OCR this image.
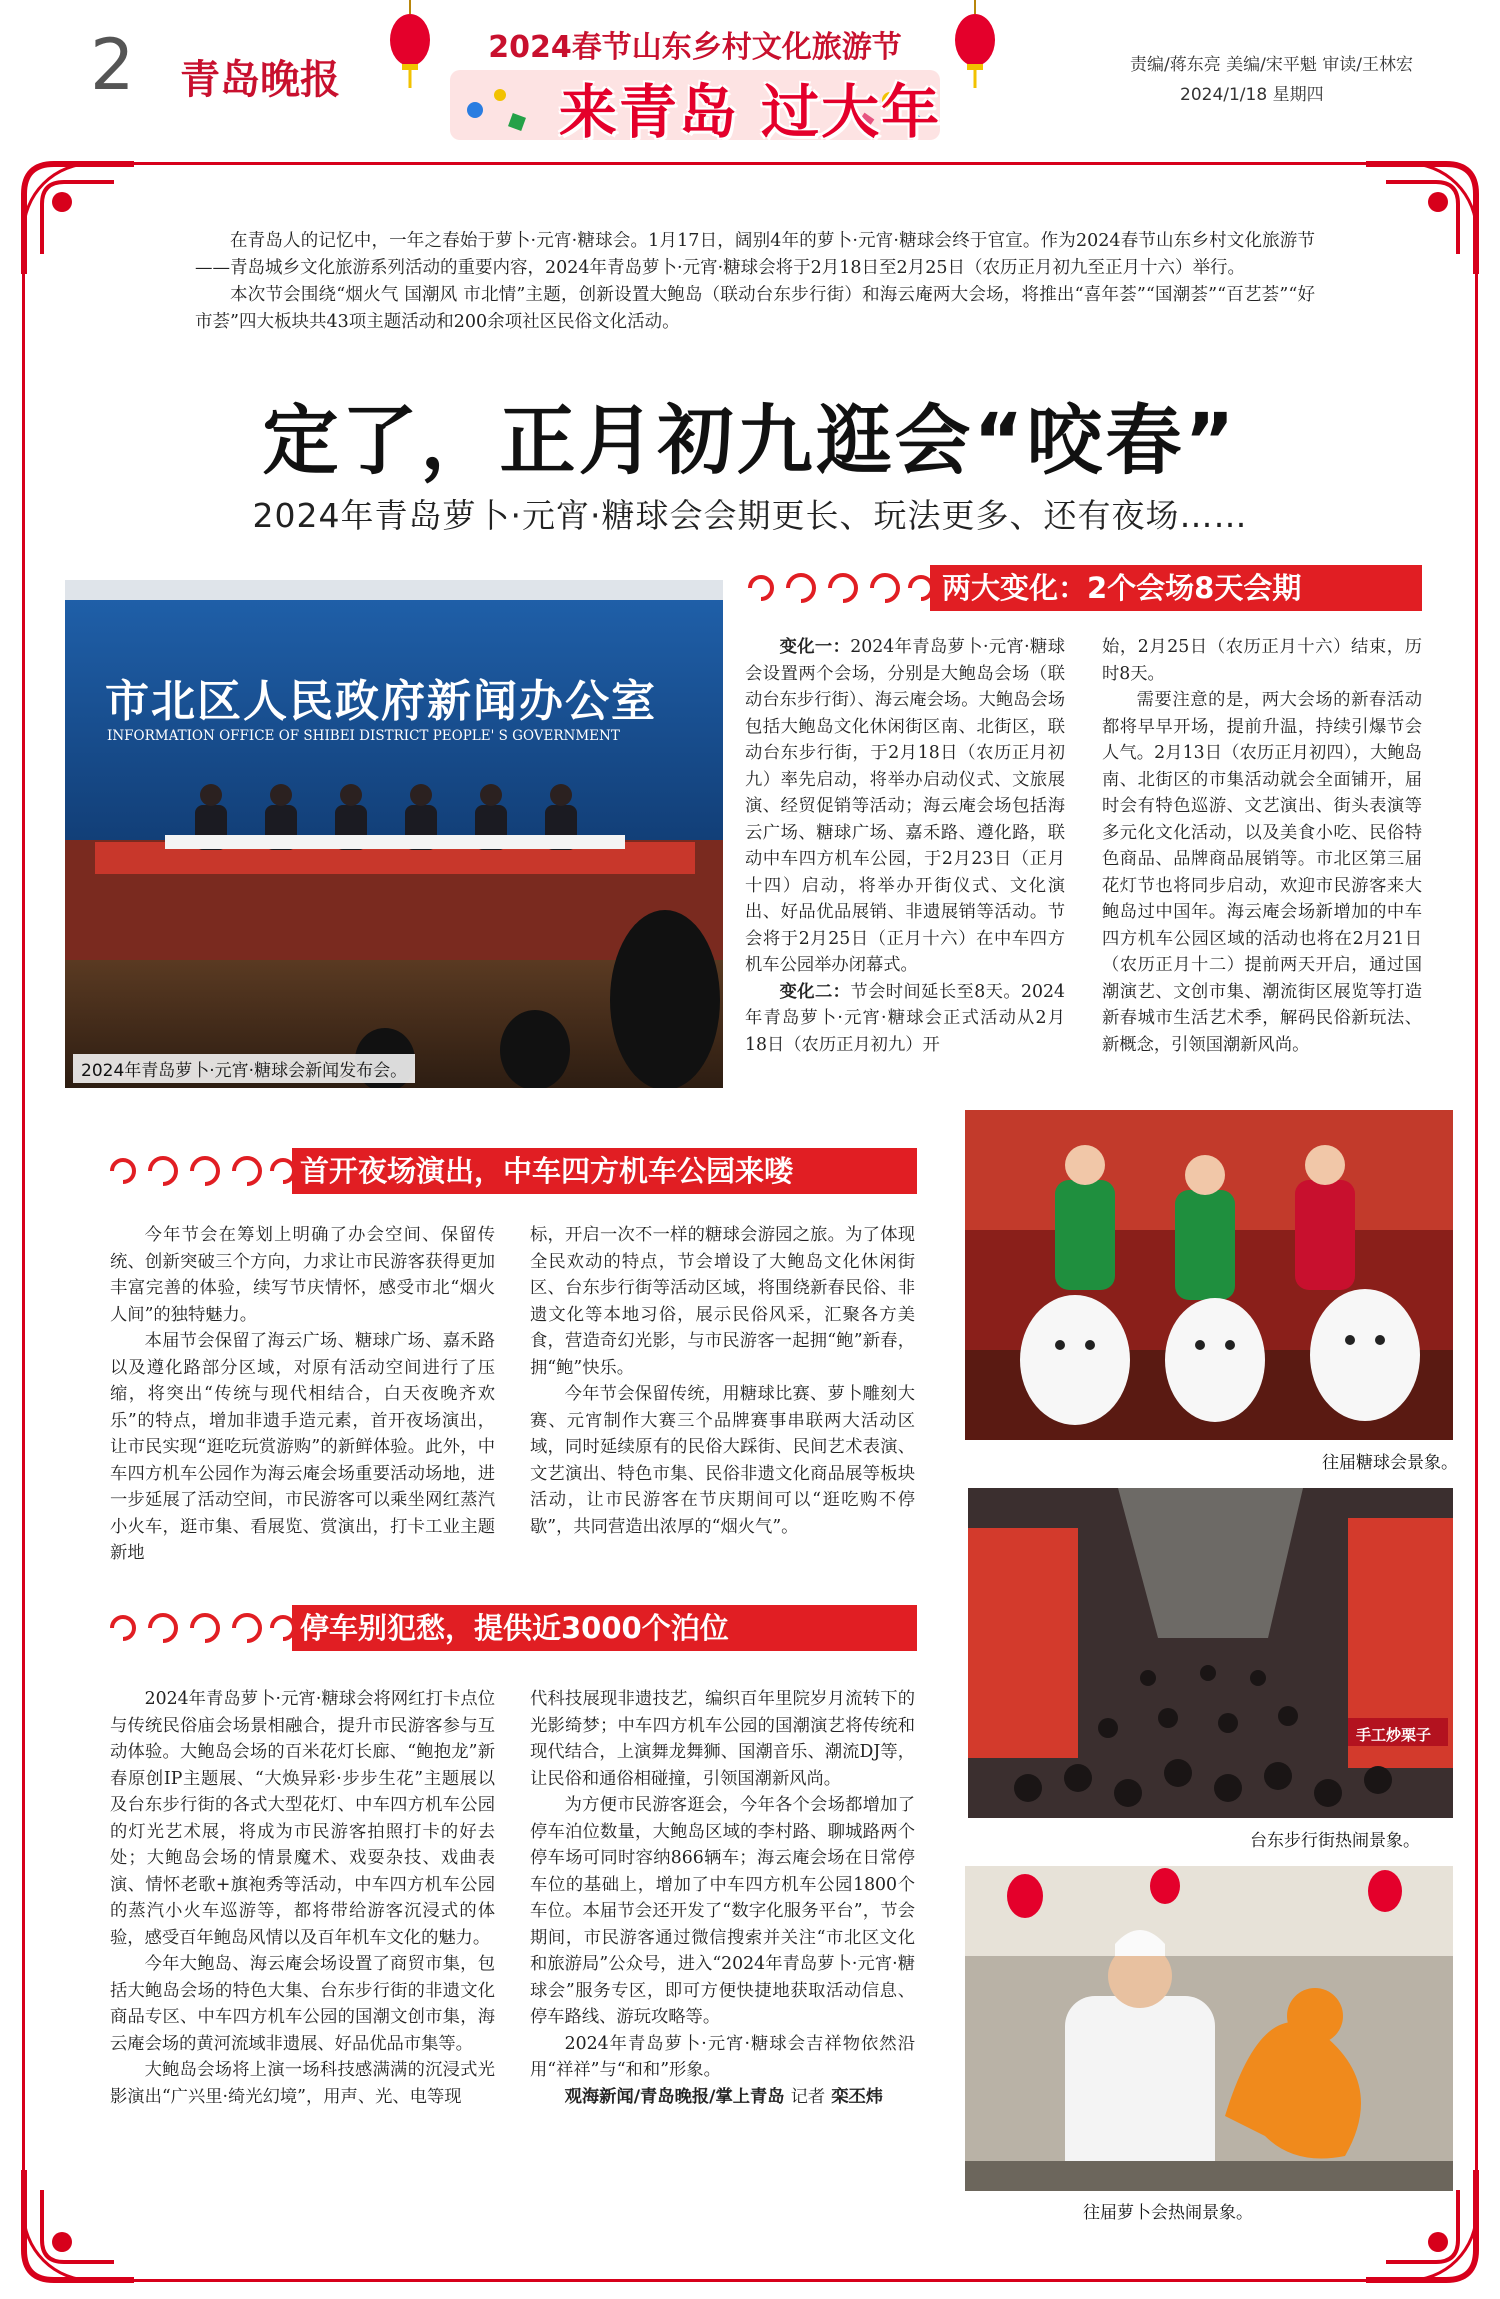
2 青岛晚报
2024春节山东乡村文化旅游节
来青岛 过大年
责编/蒋东亮 美编/宋平魁 审读/王林宏
2024/1/18 星期四

在青岛人的记忆中，一年之春始于萝卜·元宵·糖球会。1月17日，阔别4年的萝卜·元宵·糖球会终于官宣。作为2024春节山东乡村文化旅游节——青岛城乡文化旅游系列活动的重要内容，2024年青岛萝卜·元宵·糖球会将于2月18日至2月25日（农历正月初九至正月十六）举行。

本次节会围绕“烟火气 国潮风 市北情”主题，创新设置大鲍岛（联动台东步行街）和海云庵两大会场，将推出“喜年荟”“国潮荟”“百艺荟”“好市荟”四大板块共43项主题活动和200余项社区民俗文化活动。

定了，正月初九逛会“咬春”
2024年青岛萝卜·元宵·糖球会会期更长、玩法更多、还有夜场……
市北区人民政府新闻办公室
INFORMATION OFFICE OF SHIBEI DISTRICT PEOPLE' S GOVERNMENT
2024年青岛萝卜·元宵·糖球会新闻发布会。
两大变化：2个会场8天会期

变化一：2024年青岛萝卜·元宵·糖球会设置两个会场，分别是大鲍岛会场（联动台东步行街）、海云庵会场。大鲍岛会场包括大鲍岛文化休闲街区南、北街区，联动台东步行街，于2月18日（农历正月初九）率先启动，将举办启动仪式、文旅展演、经贸促销等活动；海云庵会场包括海云广场、糖球广场、嘉禾路、遵化路，联动中车四方机车公园，于2月23日（正月十四）启动，将举办开街仪式、文化演出、好品优品展销、非遗展销等活动。节会将于2月25日（正月十六）在中车四方机车公园举办闭幕式。

变化二：节会时间延长至8天。2024年青岛萝卜·元宵·糖球会正式活动从2月18日（农历正月初九）开

始，2月25日（农历正月十六）结束，历时8天。

需要注意的是，两大会场的新春活动都将早早开场，提前升温，持续引爆节会人气。2月13日（农历正月初四），大鲍岛南、北街区的市集活动就会全面铺开，届时会有特色巡游、文艺演出、街头表演等多元化文化活动，以及美食小吃、民俗特色商品、品牌商品展销等。市北区第三届花灯节也将同步启动，欢迎市民游客来大鲍岛过中国年。海云庵会场新增加的中车四方机车公园区域的活动也将在2月21日（农历正月十二）提前两天开启，通过国潮演艺、文创市集、潮流街区展览等打造新春城市生活艺术季，解码民俗新玩法、新概念，引领国潮新风尚。

首开夜场演出，中车四方机车公园来喽

今年节会在筹划上明确了办会空间、保留传统、创新突破三个方向，力求让市民游客获得更加丰富完善的体验，续写节庆情怀，感受市北“烟火人间”的独特魅力。

本届节会保留了海云广场、糖球广场、嘉禾路以及遵化路部分区域，对原有活动空间进行了压缩，将突出“传统与现代相结合，白天夜晚齐欢乐”的特点，增加非遗手造元素，首开夜场演出，让市民实现“逛吃玩赏游购”的新鲜体验。此外，中车四方机车公园作为海云庵会场重要活动场地，进一步延展了活动空间，市民游客可以乘坐网红蒸汽小火车，逛市集、看展览、赏演出，打卡工业主题新地

标，开启一次不一样的糖球会游园之旅。为了体现全民欢动的特点，节会增设了大鲍岛文化休闲街区、台东步行街等活动区域，将围绕新春民俗、非遗文化等本地习俗，展示民俗风采，汇聚各方美食，营造奇幻光影，与市民游客一起拥“鲍”新春，拥“鲍”快乐。

今年节会保留传统，用糖球比赛、萝卜雕刻大赛、元宵制作大赛三个品牌赛事串联两大活动区域，同时延续原有的民俗大踩街、民间艺术表演、文艺演出、特色市集、民俗非遗文化商品展等板块活动，让市民游客在节庆期间可以“逛吃购不停歇”，共同营造出浓厚的“烟火气”。

停车别犯愁，提供近3000个泊位

2024年青岛萝卜·元宵·糖球会将网红打卡点位与传统民俗庙会场景相融合，提升市民游客参与互动体验。大鲍岛会场的百米花灯长廊、“鲍抱龙”新春原创IP主题展、“大焕异彩·步步生花”主题展以及台东步行街的各式大型花灯、中车四方机车公园的灯光艺术展，将成为市民游客拍照打卡的好去处；大鲍岛会场的情景魔术、戏耍杂技、戏曲表演、情怀老歌+旗袍秀等活动，中车四方机车公园的蒸汽小火车巡游等，都将带给游客沉浸式的体验，感受百年鲍岛风情以及百年机车文化的魅力。

今年大鲍岛、海云庵会场设置了商贸市集，包括大鲍岛会场的特色大集、台东步行街的非遗文化商品专区、中车四方机车公园的国潮文创市集，海云庵会场的黄河流域非遗展、好品优品市集等。

大鲍岛会场将上演一场科技感满满的沉浸式光影演出“广兴里·绮光幻境”，用声、光、电等现

代科技展现非遗技艺，编织百年里院岁月流转下的光影绮梦；中车四方机车公园的国潮演艺将传统和现代结合，上演舞龙舞狮、国潮音乐、潮流DJ等，让民俗和通俗相碰撞，引领国潮新风尚。

为方便市民游客逛会，今年各个会场都增加了停车泊位数量，大鲍岛区域的李村路、聊城路两个停车场可同时容纳866辆车；海云庵会场在日常停车位的基础上，增加了中车四方机车公园1800个车位。本届节会还开发了“数字化服务平台”，节会期间，市民游客通过微信搜索并关注“市北区文化和旅游局”公众号，进入“2024年青岛萝卜·元宵·糖球会”服务专区，即可方便快捷地获取活动信息、停车路线、游玩攻略等。

2024年青岛萝卜·元宵·糖球会吉祥物依然沿用“祥祥”与“和和”形象。

观海新闻/青岛晚报/掌上青岛 记者 栾丕炜

往届糖球会景象。
手工炒栗子
台东步行街热闹景象。
往届萝卜会热闹景象。
